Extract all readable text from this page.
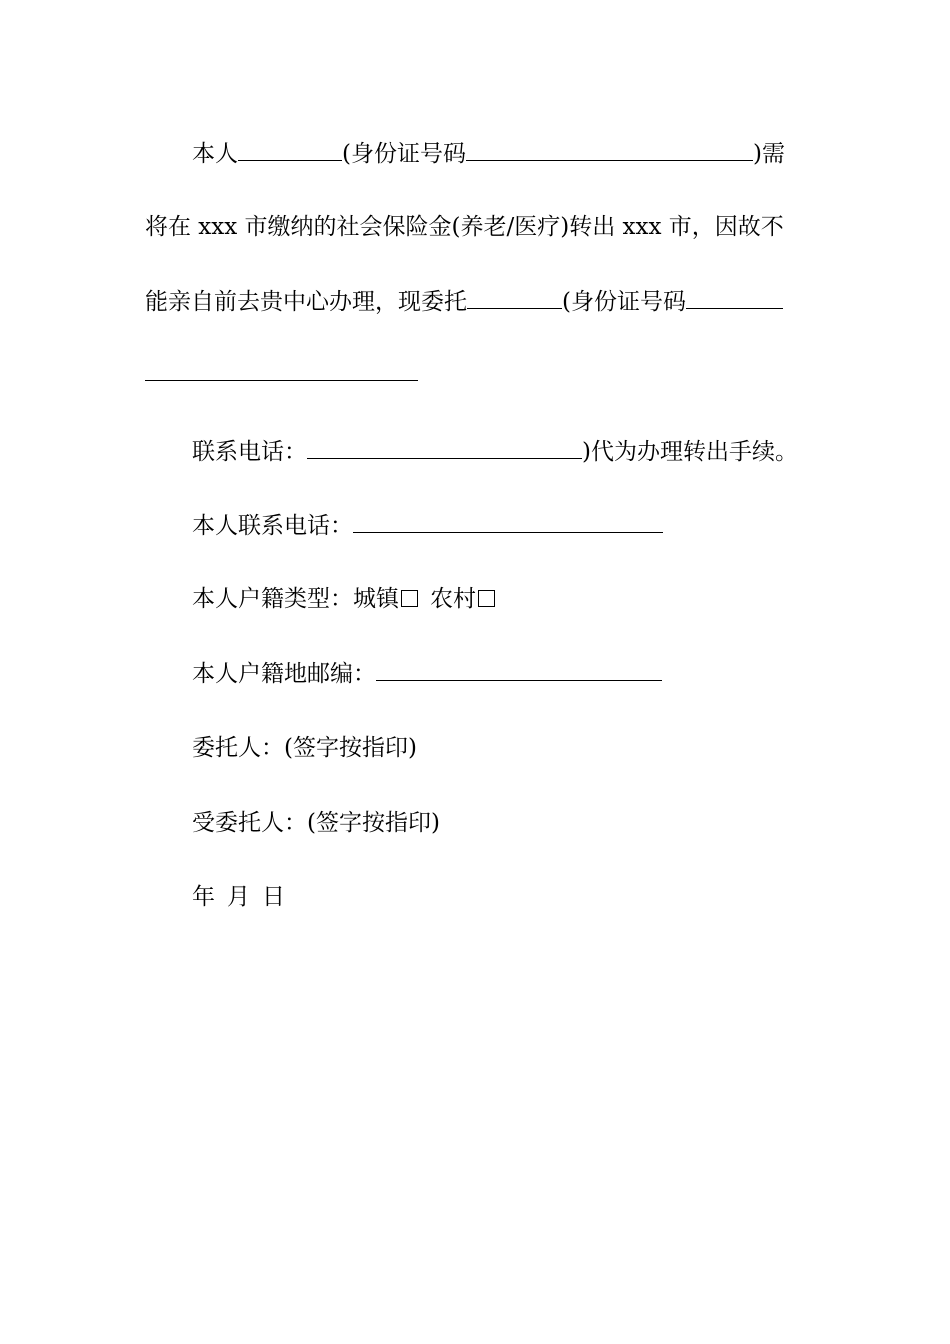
本人	(身份证号码	)需
将在 xxx 市缴纳的社会保险金(养老/医疗)转出 xxx 市，因故不
能亲自前去贵中心办理，现委托	(身份证号码
联系电话：	)代为办理转出手续。
本人联系电话：
本人户籍类型：城镇 农村
本人户籍地邮编：
委托人：(签字按指印)
受委托人：(签字按指印)
年 月 日
